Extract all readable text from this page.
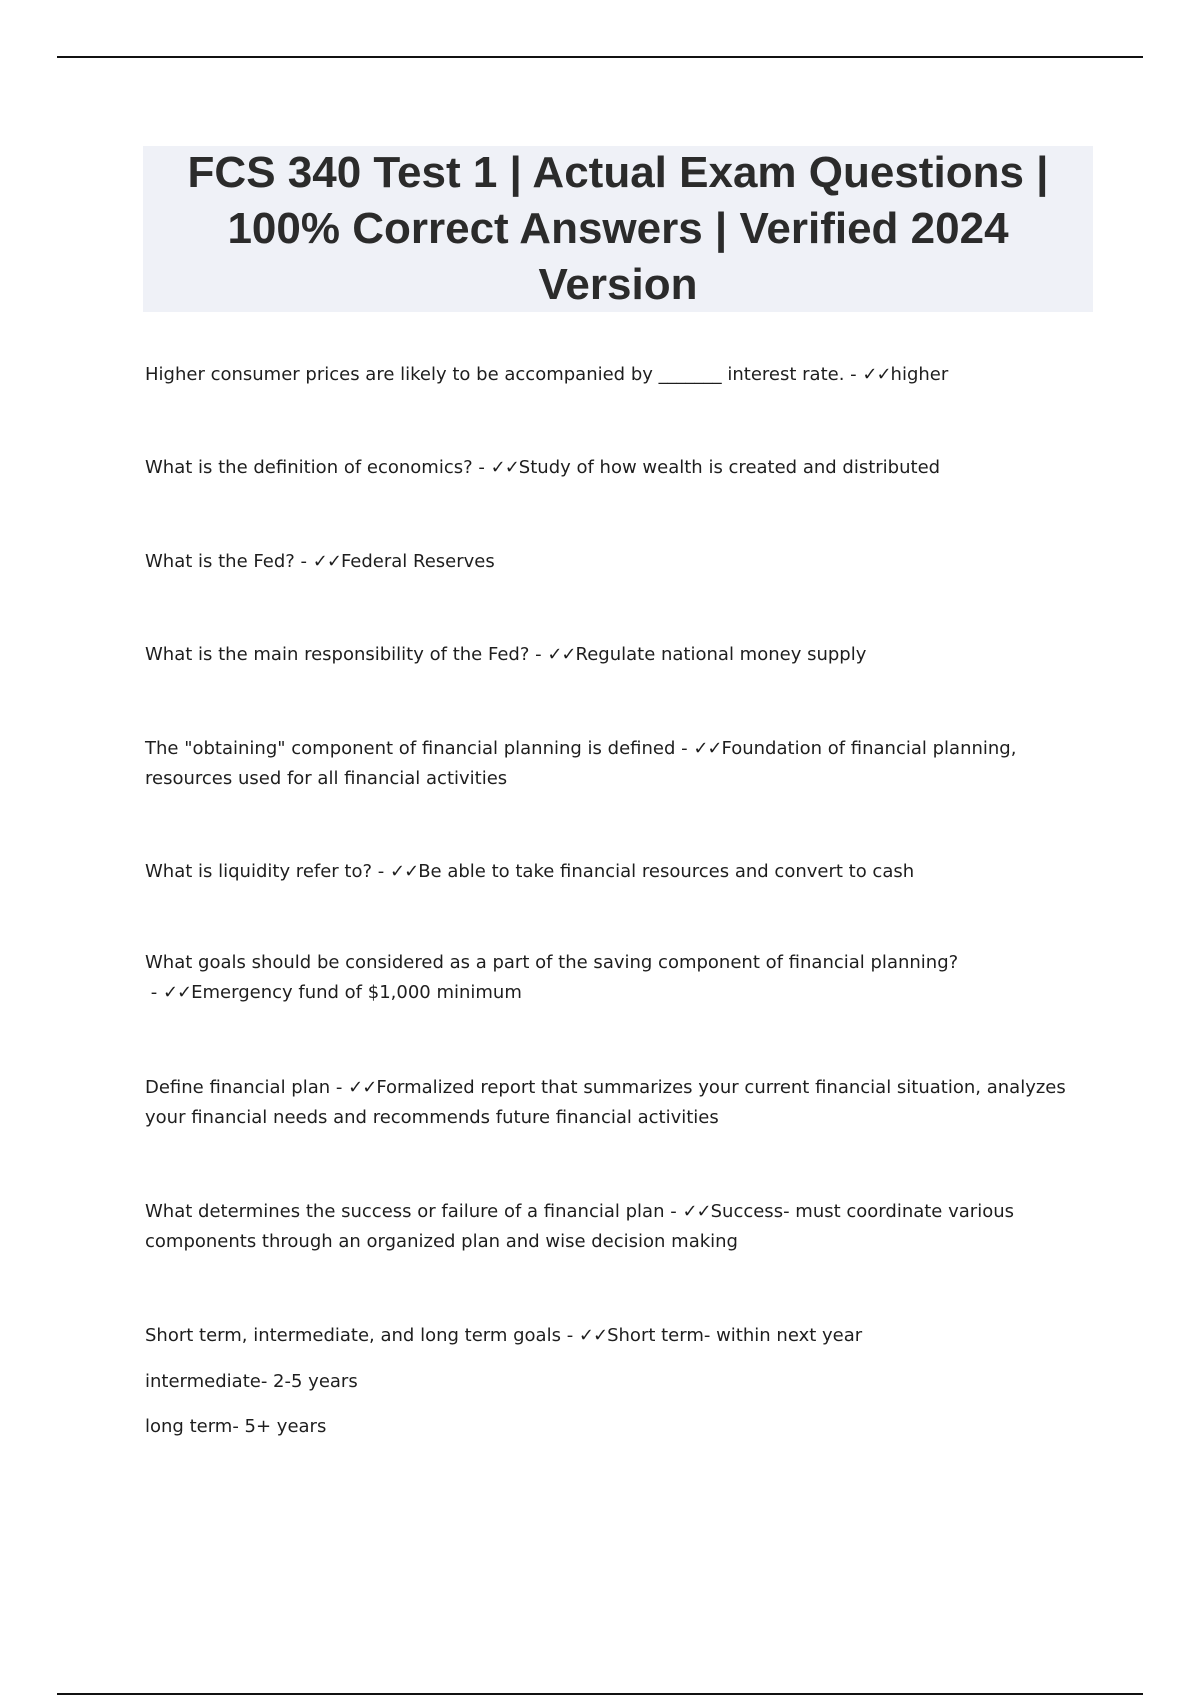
FCS 340 Test 1 | Actual Exam Questions | 100% Correct Answers | Verified 2024 Version

Higher consumer prices are likely to be accompanied by _______ interest rate. - ✓✓higher

What is the definition of economics? - ✓✓Study of how wealth is created and distributed

What is the Fed? - ✓✓Federal Reserves

What is the main responsibility of the Fed? - ✓✓Regulate national money supply

The "obtaining" component of financial planning is defined - ✓✓Foundation of financial planning, resources used for all financial activities

What is liquidity refer to? - ✓✓Be able to take financial resources and convert to cash

What goals should be considered as a part of the saving component of financial planning? - ✓✓Emergency fund of $1,000 minimum

Define financial plan - ✓✓Formalized report that summarizes your current financial situation, analyzes your financial needs and recommends future financial activities

What determines the success or failure of a financial plan - ✓✓Success- must coordinate various components through an organized plan and wise decision making

Short term, intermediate, and long term goals - ✓✓Short term- within next year

intermediate- 2-5 years

long term- 5+ years
